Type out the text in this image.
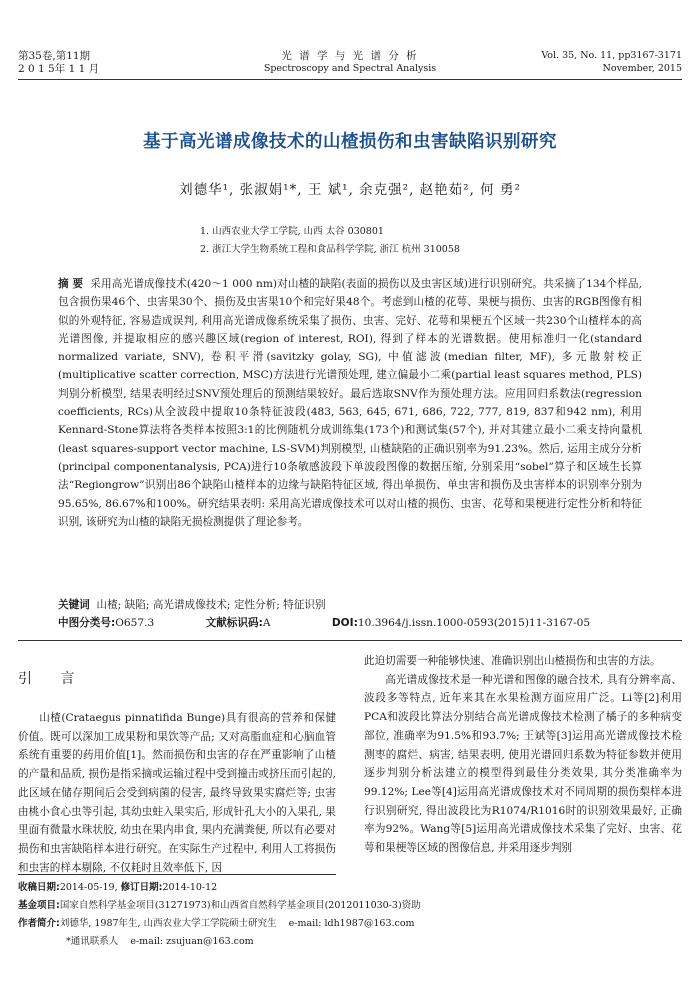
第35卷,第11期
2 0 1 5年 1 1 月
光 谱 学 与 光 谱 分 析
Spectroscopy and Spectral Analysis
Vol. 35, No. 11, pp3167-3171
November, 2015
基于高光谱成像技术的山楂损伤和虫害缺陷识别研究
刘德华¹, 张淑娟¹*, 王 斌¹, 余克强², 赵艳茹², 何 勇²
1. 山西农业大学工学院, 山西 太谷 030801
2. 浙江大学生物系统工程和食品科学学院, 浙江 杭州 310058
摘 要 采用高光谱成像技术(420～1 000 nm)对山楂的缺陷(表面的损伤以及虫害区域)进行识别研究。共采摘了134个样品, 包含损伤果46个、虫害果30个、损伤及虫害果10个和完好果48个。考虑到山楂的花萼、果梗与损伤、虫害的RGB图像有相似的外观特征, 容易造成误判, 利用高光谱成像系统采集了损伤、虫害、完好、花萼和果梗五个区域一共230个山楂样本的高光谱图像, 并提取相应的感兴趣区域(region of interest, ROI), 得到了样本的光谱数据。使用标准归一化(standard normalized variate, SNV), 卷积平滑(savitzky golay, SG), 中值滤波(median filter, MF), 多元散射校正(multiplicative scatter correction, MSC)方法进行光谱预处理, 建立偏最小二乘(partial least squares method, PLS)判别分析模型, 结果表明经过SNV预处理后的预测结果较好。最后选取SNV作为预处理方法。应用回归系数法(regression coefficients, RCs)从全波段中提取10条特征波段(483, 563, 645, 671, 686, 722, 777, 819, 837和942 nm), 利用Kennard-Stone算法将各类样本按照3:1的比例随机分成训练集(173个)和测试集(57个), 并对其建立最小二乘支持向量机(least squares-support vector machine, LS-SVM)判别模型, 山楂缺陷的正确识别率为91.23%。然后, 运用主成分分析(principal componentanalysis, PCA)进行10条敏感波段下单波段图像的数据压缩, 分别采用“sobel”算子和区域生长算法“Regiongrow”识别出86个缺陷山楂样本的边缘与缺陷特征区域, 得出单损伤、单虫害和损伤及虫害样本的识别率分别为95.65%, 86.67%和100%。研究结果表明: 采用高光谱成像技术可以对山楂的损伤、虫害、花萼和果梗进行定性分析和特征识别, 该研究为山楂的缺陷无损检测提供了理论参考。
关键词 山楂; 缺陷; 高光谱成像技术; 定性分析; 特征识别
中图分类号:O657.3	文献标识码:A	DOI:10.3964/j.issn.1000-0593(2015)11-3167-05
引 言

山楂(Crataegus pinnatifida Bunge)具有很高的营养和保健价值。既可以深加工成果粉和果饮等产品; 又对高脂血症和心脑血管系统有重要的药用价值[1]。然而损伤和虫害的存在严重影响了山楂的产量和品质, 损伤是指采摘或运输过程中受到撞击或挤压而引起的, 此区域在储存期间后会受到病菌的侵害, 最终导致果实腐烂等; 虫害由桃小食心虫等引起, 其幼虫蛀入果实后, 形成针孔大小的入果孔, 果里面有微量水珠状胶, 幼虫在果内串食, 果内充满粪便, 所以有必要对损伤和虫害缺陷样本进行研究。在实际生产过程中, 利用人工将损伤和虫害的样本剔除, 不仅耗时且效率低下, 因

此迫切需要一种能够快速、准确识别出山楂损伤和虫害的方法。

高光谱成像技术是一种光谱和图像的融合技术, 具有分辨率高、波段多等特点, 近年来其在水果检测方面应用广泛。Li等[2]利用PCA和波段比算法分别结合高光谱成像技术检测了橘子的多种病变部位, 准确率为91.5%和93.7%; 王斌等[3]运用高光谱成像技术检测枣的腐烂、病害, 结果表明, 使用光谱回归系数为特征参数并使用逐步判别分析法建立的模型得到最佳分类效果, 其分类准确率为99.12%; Lee等[4]运用高光谱成像技术对不同周期的损伤梨样本进行识别研究, 得出波段比为R1074/R1016时的识别效果最好, 正确率为92%。Wang等[5]运用高光谱成像技术采集了完好、虫害、花萼和果梗等区域的图像信息, 并采用逐步判别

收稿日期:2014-05-19, 修订日期:2014-10-12
基金项目:国家自然科学基金项目(31271973)和山西省自然科学基金项目(2012011030-3)资助
作者简介:刘德华, 1987年生, 山西农业大学工学院硕士研究生    e-mail: ldh1987@163.com
*通讯联系人    e-mail: zsujuan@163.com
